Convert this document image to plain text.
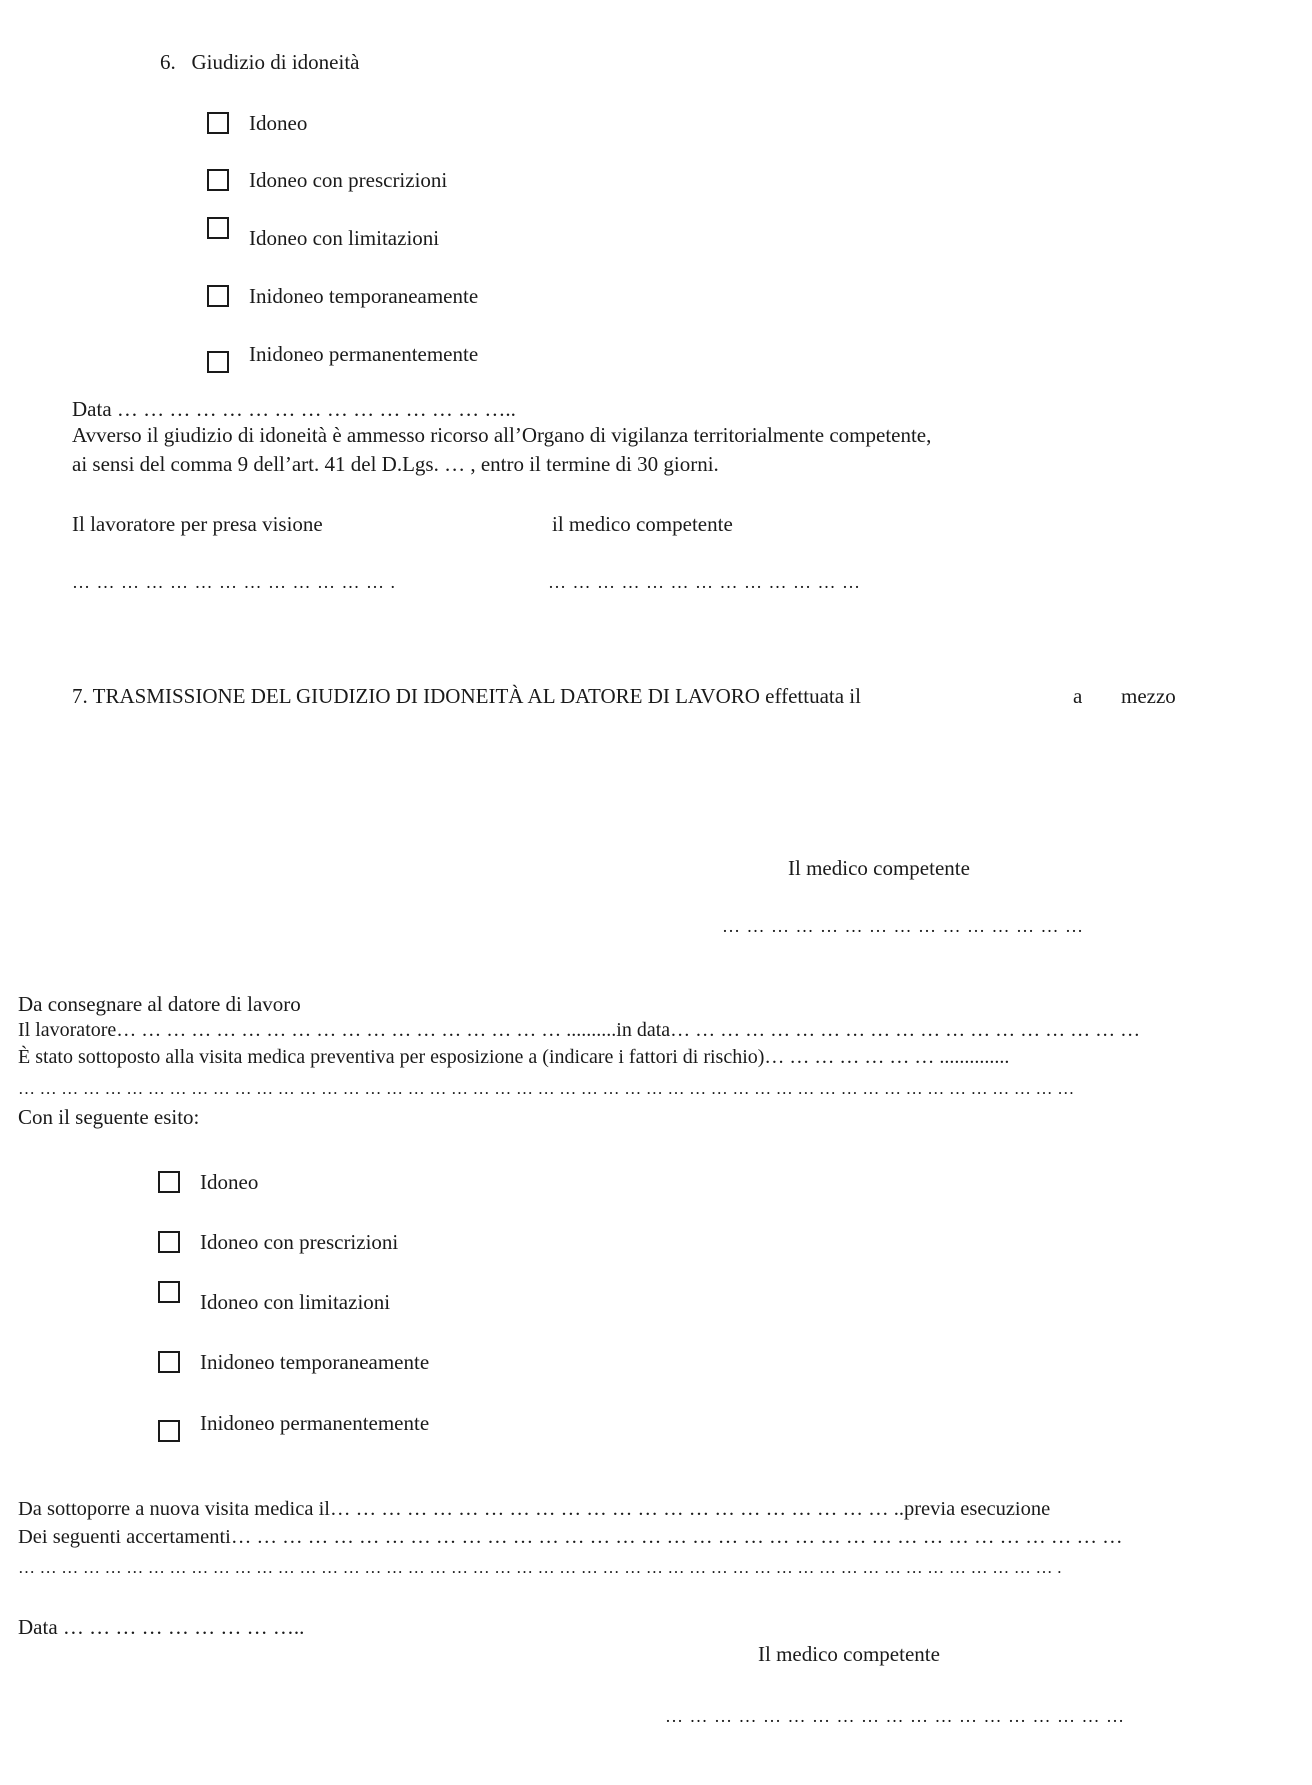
6.   Giudizio di idoneità
Idoneo
Idoneo con prescrizioni
Idoneo con limitazioni
Inidoneo temporaneamente
Inidoneo permanentemente
Data … … … … … … … … … … … … … … …..
Avverso il giudizio di idoneità è ammesso ricorso all’Organo di vigilanza territorialmente competente,
ai sensi del comma 9 dell’art. 41 del D.Lgs. … , entro il termine di 30 giorni.
Il lavoratore per presa visione	il medico competente
… … … … … … … … … … … … … .	… … … … … … … … … … … … …
7. TRASMISSIONE DEL GIUDIZIO DI IDONEITÀ AL DATORE DI LAVORO effettuata il	a mezzo
Il medico competente
… … … … … … … … … … … … … … …
Da consegnare al datore di lavoro
Il lavoratore… … … … … … … … … … … … … … … … … … ..........in data… … … … … … … … … … … … … … … … … … …
È stato sottoposto alla visita medica preventiva per esposizione a (indicare i fattori di rischio)… … … … … … … ..............
… … … … … … … … … … … … … … … … … … … … … … … … … … … … … … … … … … … … … … … … … … … … … … … … …
Con il seguente esito:
Idoneo
Idoneo con prescrizioni
Idoneo con limitazioni
Inidoneo temporaneamente
Inidoneo permanentemente
Da sottoporre a nuova visita medica il… … … … … … … … … … … … … … … … … … … … … … ..previa esecuzione
Dei seguenti accertamenti… … … … … … … … … … … … … … … … … … … … … … … … … … … … … … … … … … …
… … … … … … … … … … … … … … … … … … … … … … … … … … … … … … … … … … … … … … … … … … … … … … … … .
Data … … … … … … … … …..
Il medico competente
… … … … … … … … … … … … … … … … … … …
